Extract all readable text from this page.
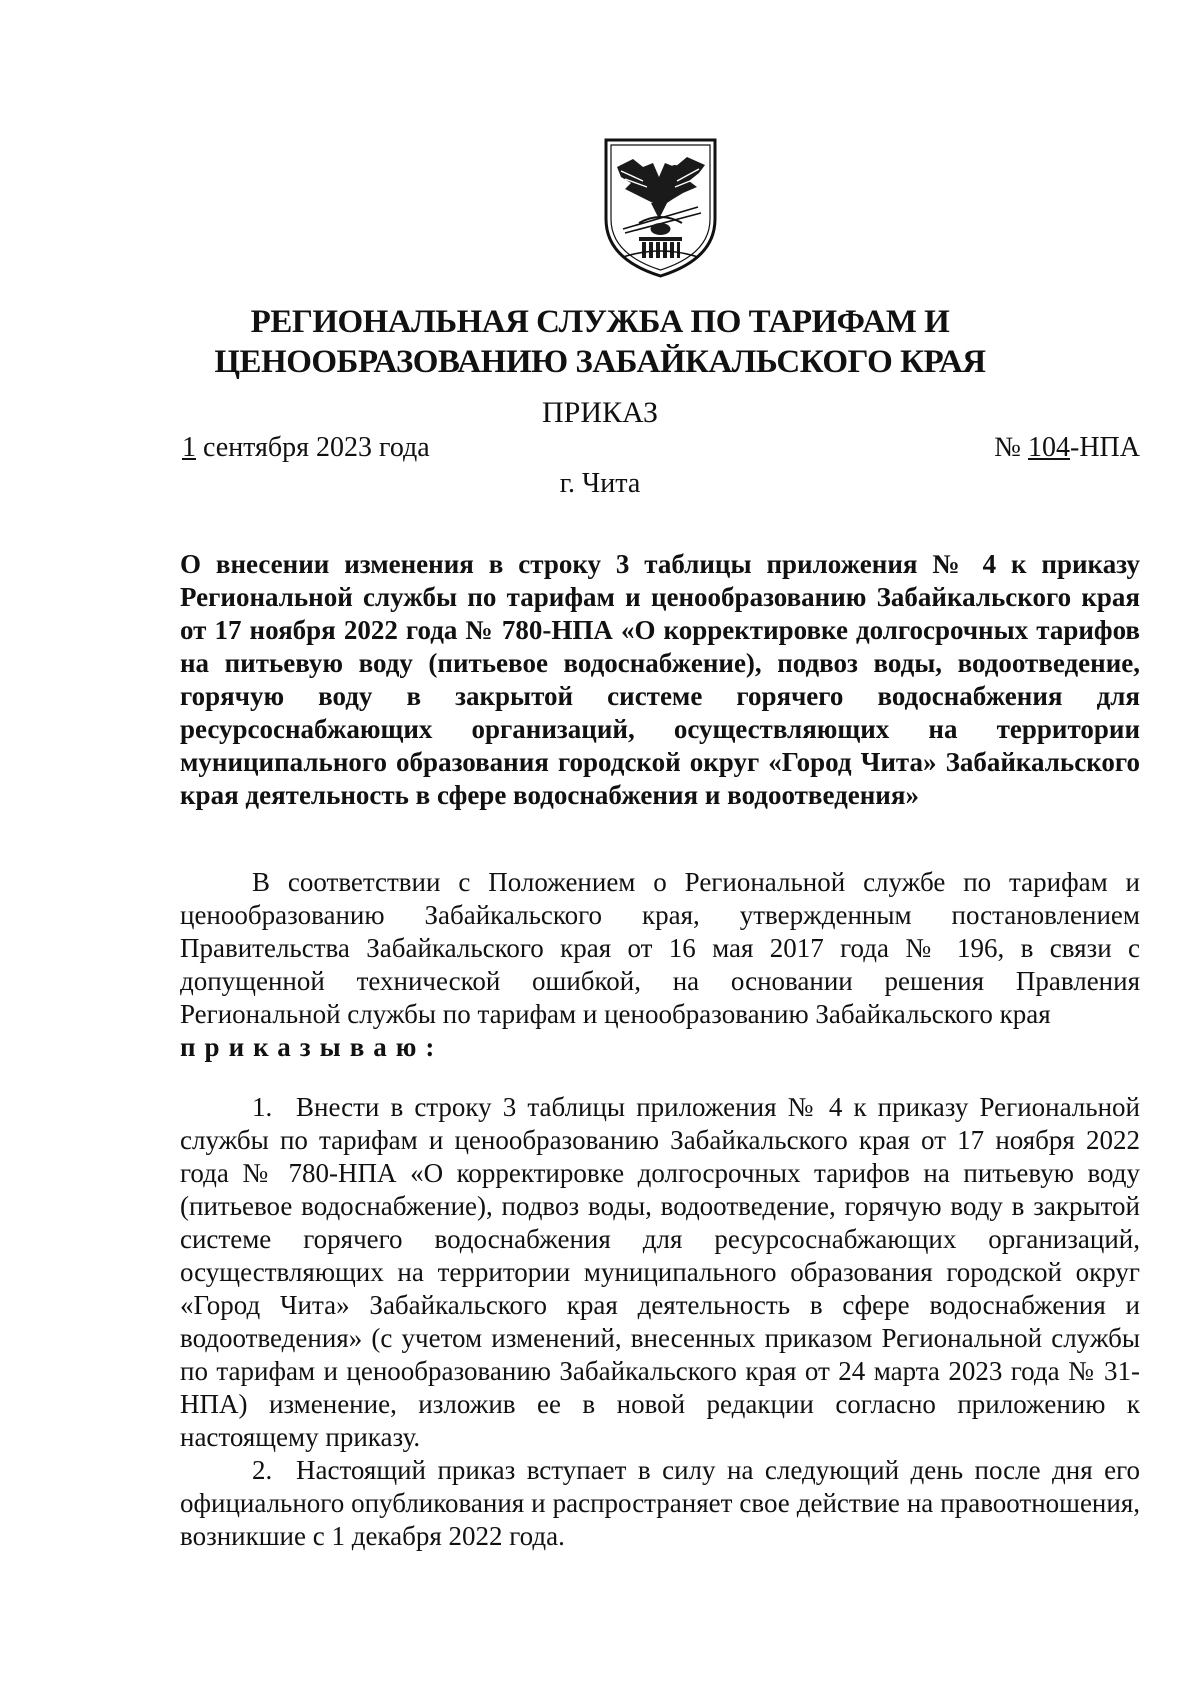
РЕГИОНАЛЬНАЯ СЛУЖБА ПО ТАРИФАМ И
ЦЕНООБРАЗОВАНИЮ ЗАБАЙКАЛЬСКОГО КРАЯ
ПРИКАЗ
1 сентября 2023 года	№ 104-НПА
г. Чита
О внесении изменения в строку 3 таблицы приложения № 4 к приказу Региональной службы по тарифам и ценообразованию Забайкальского края от 17 ноября 2022 года № 780-НПА «О корректировке долгосрочных тарифов на питьевую воду (питьевое водоснабжение), подвоз воды, водоотведение, горячую воду в закрытой системе горячего водоснабжения для ресурсоснабжающих организаций, осуществляющих на территории муниципального образования городской округ «Город Чита» Забайкальского края деятельность в сфере водоснабжения и водоотведения»
В соответствии с Положением о Региональной службе по тарифам и ценообразованию Забайкальского края, утвержденным постановлением Правительства Забайкальского края от 16 мая 2017 года № 196, в связи с допущенной технической ошибкой, на основании решения Правления Региональной службы по тарифам и ценообразованию Забайкальского края
приказываю:

1. Внести в строку 3 таблицы приложения № 4 к приказу Региональной службы по тарифам и ценообразованию Забайкальского края от 17 ноября 2022 года № 780-НПА «О корректировке долгосрочных тарифов на питьевую воду (питьевое водоснабжение), подвоз воды, водоотведение, горячую воду в закрытой системе горячего водоснабжения для ресурсоснабжающих организаций, осуществляющих на территории муниципального образования городской округ «Город Чита» Забайкальского края деятельность в сфере водоснабжения и водоотведения» (с учетом изменений, внесенных приказом Региональной службы по тарифам и ценообразованию Забайкальского края от 24 марта 2023 года № 31-НПА) изменение, изложив ее в новой редакции согласно приложению к настоящему приказу.

2. Настоящий приказ вступает в силу на следующий день после дня его официального опубликования и распространяет свое действие на правоотношения, возникшие с 1 декабря 2022 года.
